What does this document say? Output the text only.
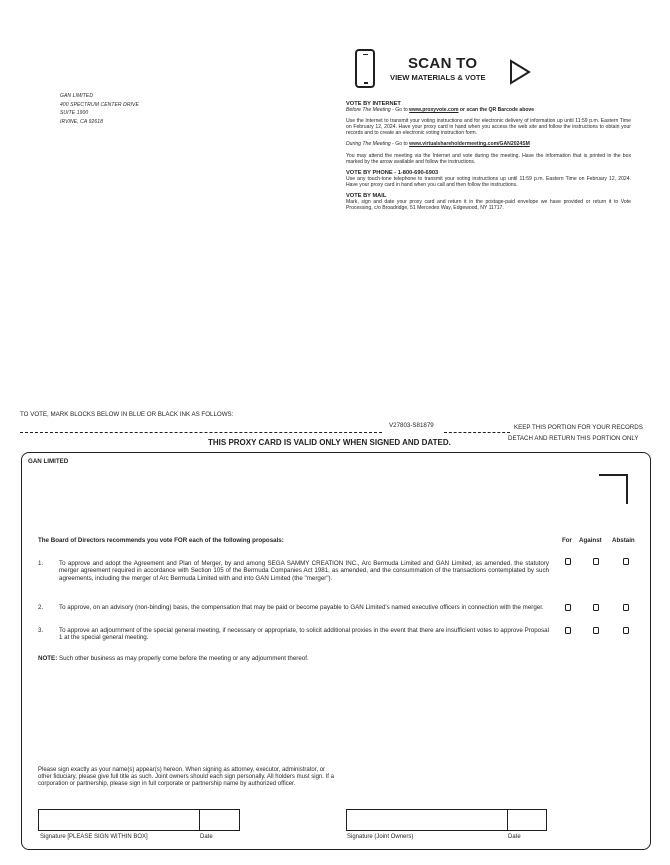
GAN LIMITED
400 SPECTRUM CENTER DRIVE
SUITE 1900
IRVINE, CA 92618
SCAN TO
VIEW MATERIALS & VOTE
VOTE BY INTERNET
Before The Meeting - Go to www.proxyvote.com or scan the QR Barcode above
Use the Internet to transmit your voting instructions and for electronic delivery of information up until 11:59 p.m. Eastern Time on February 12, 2024. Have your proxy card in hand when you access the web site and follow the instructions to obtain your records and to create an electronic voting instruction form.
During The Meeting - Go to www.virtualshareholdermeeting.com/GAN2024SM
You may attend the meeting via the Internet and vote during the meeting. Have the information that is printed in the box marked by the arrow available and follow the instructions.
VOTE BY PHONE - 1-800-690-6903
Use any touch-tone telephone to transmit your voting instructions up until 11:59 p.m. Eastern Time on February 12, 2024. Have your proxy card in hand when you call and then follow the instructions.
VOTE BY MAIL
Mark, sign and date your proxy card and return it in the postage-paid envelope we have provided or return it to Vote Processing, c/o Broadridge, 51 Mercedes Way, Edgewood, NY 11717.
TO VOTE, MARK BLOCKS BELOW IN BLUE OR BLACK INK AS FOLLOWS:
V27803-S81879	KEEP THIS PORTION FOR YOUR RECORDS
DETACH AND RETURN THIS PORTION ONLY
THIS PROXY CARD IS VALID ONLY WHEN SIGNED AND DATED.
GAN LIMITED
The Board of Directors recommends you vote FOR each of the following proposals:	For Against Abstain
1.	To approve and adopt the Agreement and Plan of Merger, by and among SEGA SAMMY CREATION INC., Arc Bermuda Limited and GAN Limited, as amended, the statutory merger agreement required in accordance with Section 105 of the Bermuda Companies Act 1981, as amended, and the consummation of the transactions contemplated by such agreements, including the merger of Arc Bermuda Limited with and into GAN Limited (the "merger").
2.	To approve, on an advisory (non-binding) basis, the compensation that may be paid or become payable to GAN Limited's named executive officers in connection with the merger.
3.	To approve an adjournment of the special general meeting, if necessary or appropriate, to solicit additional proxies in the event that there are insufficient votes to approve Proposal 1 at the special general meeting.
NOTE: Such other business as may properly come before the meeting or any adjournment thereof.
Please sign exactly as your name(s) appear(s) hereon. When signing as attorney, executor, administrator, or other fiduciary, please give full title as such. Joint owners should each sign personally. All holders must sign. If a corporation or partnership, please sign in full corporate or partnership name by authorized officer.
Signature [PLEASE SIGN WITHIN BOX]	Date	Signature (Joint Owners)	Date
